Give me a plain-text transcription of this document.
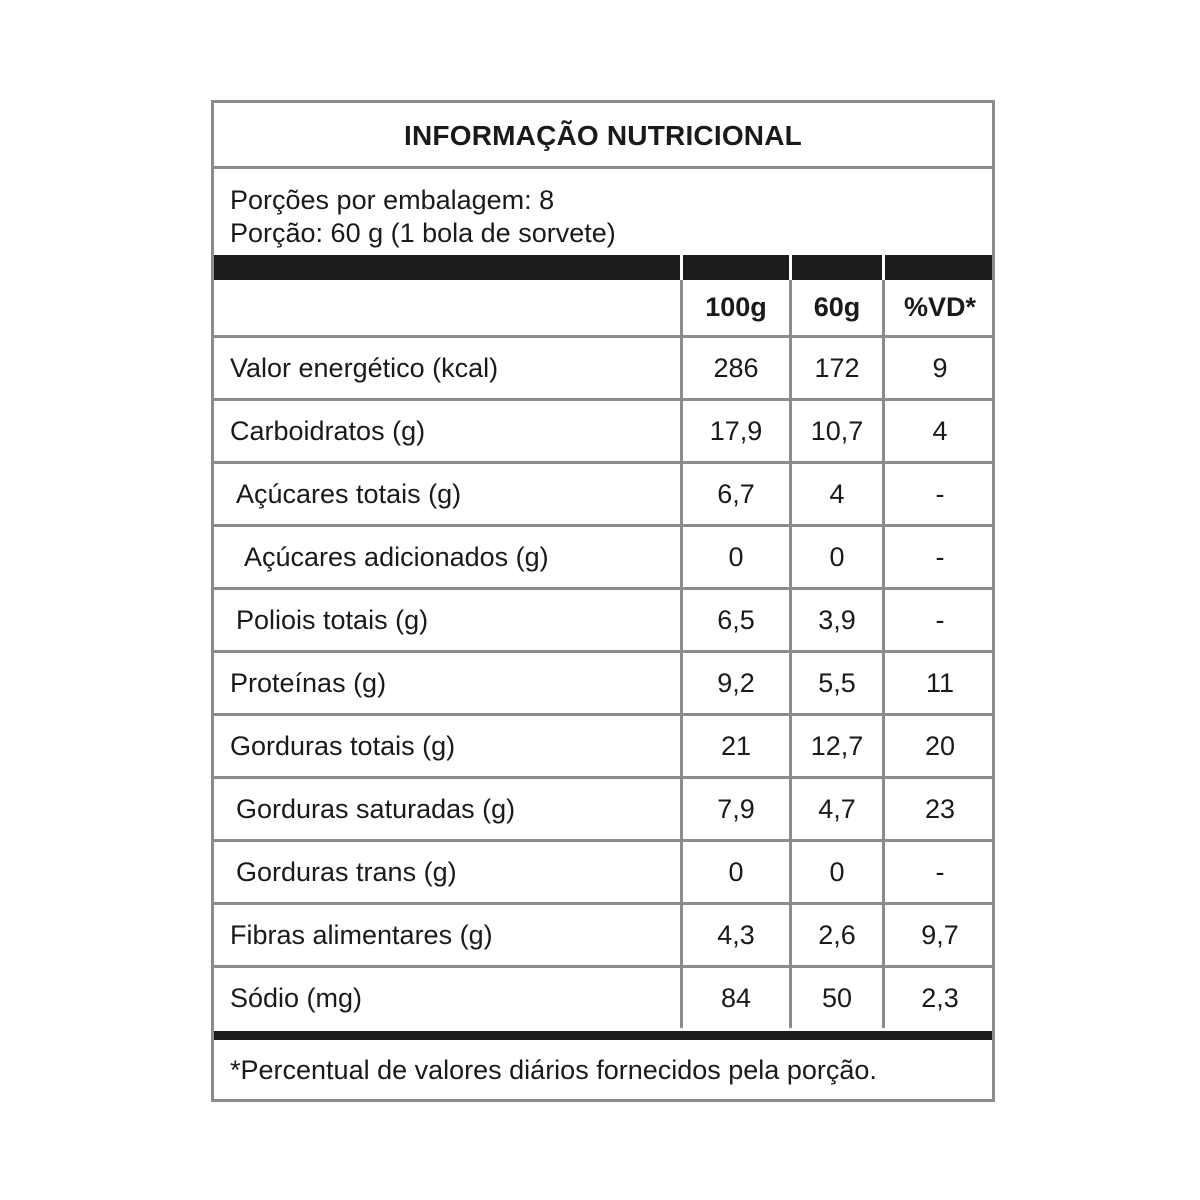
INFORMAÇÃO NUTRICIONAL
Porções por embalagem: 8
Porção: 60 g (1 bola de sorvete)
	100g	60g	%VD*

Valor energético (kcal)	286	172	9

Carboidratos (g)	17,9	10,7	4

Açúcares totais (g)	6,7	4	-

Açúcares adicionados (g)	0	0	-

Poliois totais (g)	6,5	3,9	-

Proteínas (g)	9,2	5,5	11

Gorduras totais (g)	21	12,7	20

Gorduras saturadas (g)	7,9	4,7	23

Gorduras trans (g)	0	0	-

Fibras alimentares (g)	4,3	2,6	9,7

Sódio (mg)	84	50	2,3
*Percentual de valores diários fornecidos pela porção.
